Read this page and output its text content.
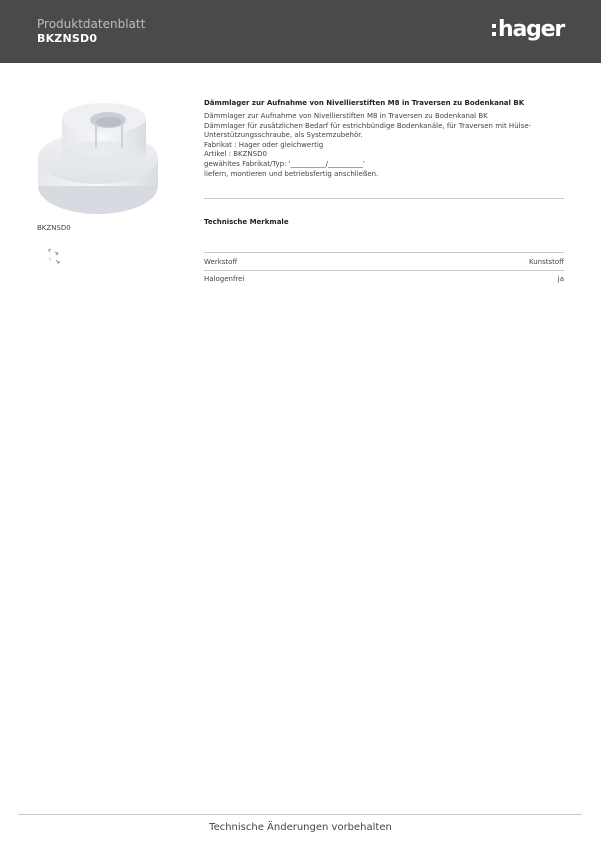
Produktdatenblatt
BKZNSD0	hager
BKZNSD0
Dämmlager zur Aufnahme von Nivellierstiften M8 in Traversen zu Bodenkanal BK
Dämmlager zur Aufnahme von Nivellierstiften M8 in Traversen zu Bodenkanal BK
Dämmlager für zusätzlichen Bedarf für estrichbündige Bodenkanäle, für Traversen mit Hülse-
Unterstützungsschraube, als Systemzubehör.
Fabrikat : Hager oder gleichwertig
Artikel : BKZNSD0
gewähltes Fabrikat/Typ: '__________/__________'
liefern, montieren und betriebsfertig anschließen.
Technische Merkmale
Werkstoff	Kunststoff
Halogenfrei	ja
Technische Änderungen vorbehalten
